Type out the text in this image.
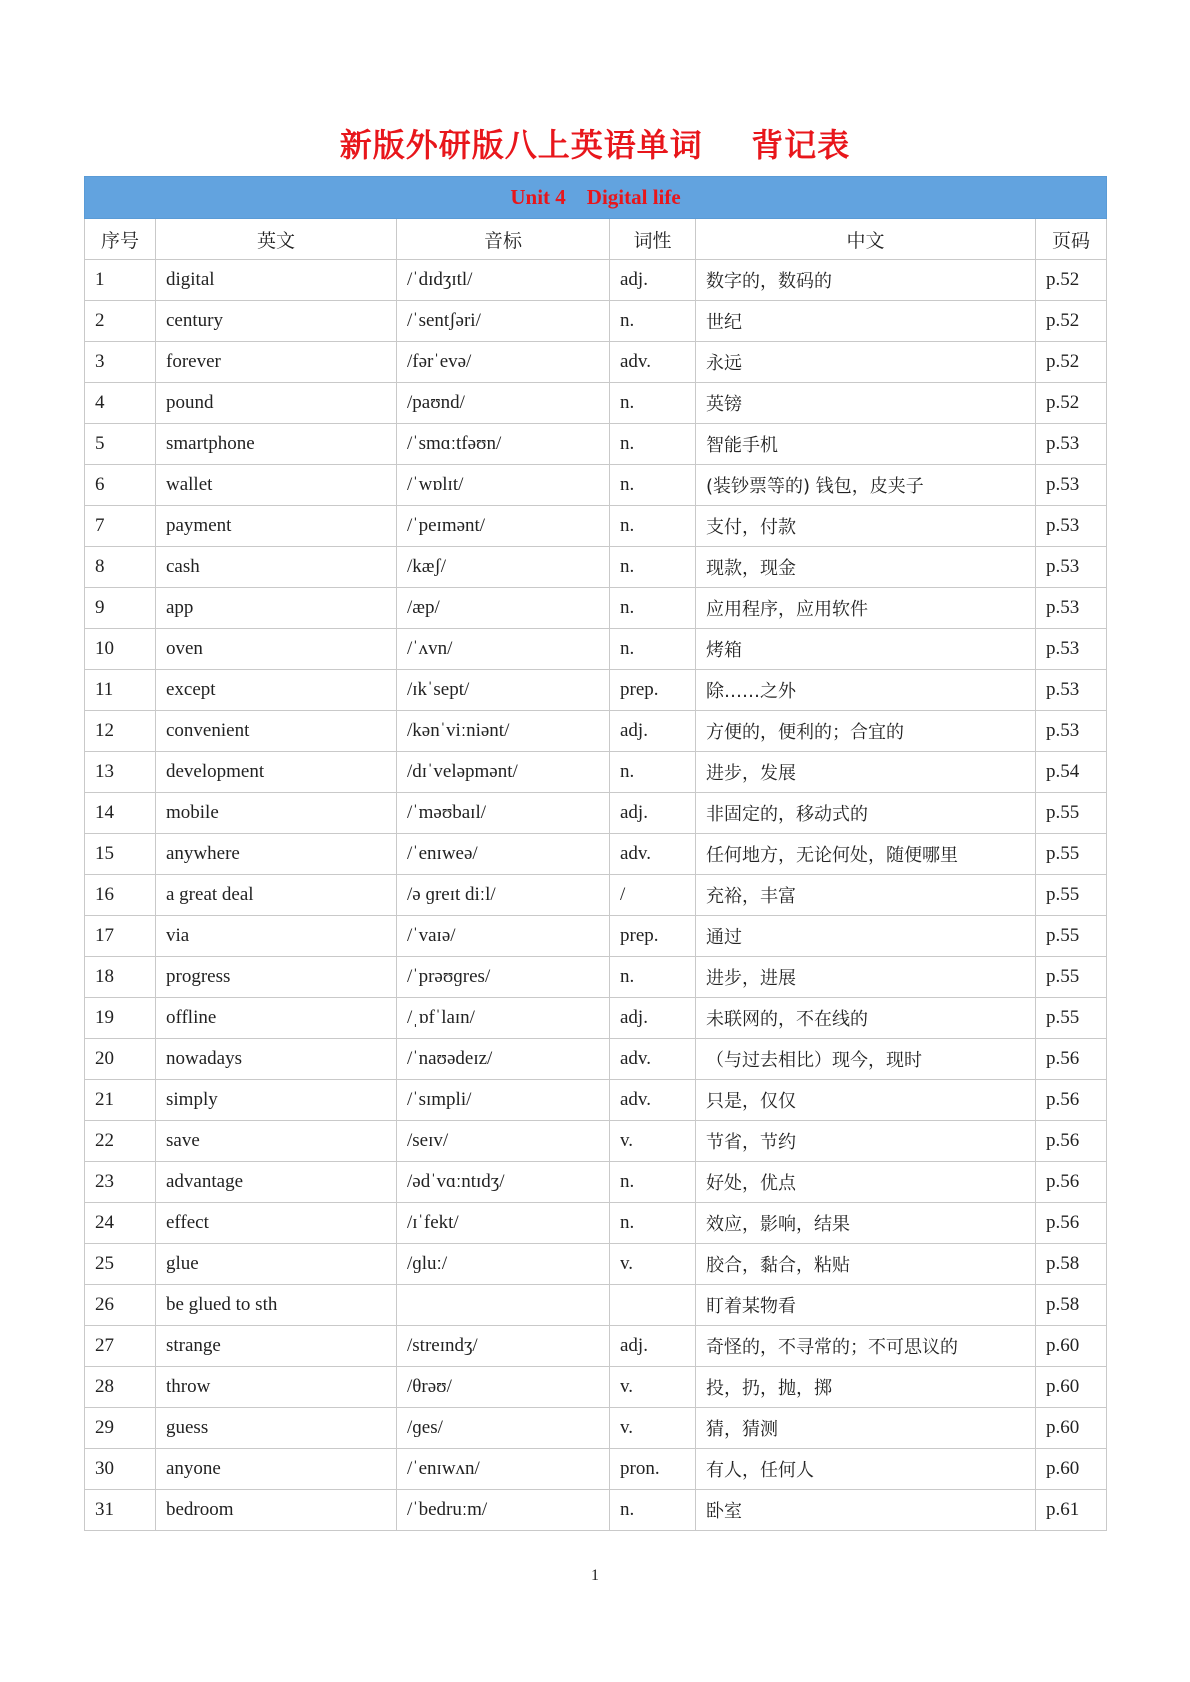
新版外研版八上英语单词    背记表
Unit 4    Digital life					
序号	英文	音标	词性	中文	页码
1	digital	/ˈdɪdʒɪtl/	adj.	数字的，数码的	p.52
2	century	/ˈsentʃəri/	n.	世纪	p.52
3	forever	/fərˈevə/	adv.	永远	p.52
4	pound	/paʊnd/	n.	英镑	p.52
5	smartphone	/ˈsmɑːtfəʊn/	n.	智能手机	p.53
6	wallet	/ˈwɒlɪt/	n.	(装钞票等的) 钱包，皮夹子	p.53
7	payment	/ˈpeɪmənt/	n.	支付，付款	p.53
8	cash	/kæʃ/	n.	现款，现金	p.53
9	app	/æp/	n.	应用程序，应用软件	p.53
10	oven	/ˈʌvn/	n.	烤箱	p.53
11	except	/ɪkˈsept/	prep.	除……之外	p.53
12	convenient	/kənˈviːniənt/	adj.	方便的，便利的；合宜的	p.53
13	development	/dɪˈveləpmənt/	n.	进步，发展	p.54
14	mobile	/ˈməʊbaɪl/	adj.	非固定的，移动式的	p.55
15	anywhere	/ˈenɪweə/	adv.	任何地方，无论何处，随便哪里	p.55
16	a great deal	/ə ɡreɪt diːl/	/	充裕，丰富	p.55
17	via	/ˈvaɪə/	prep.	通过	p.55
18	progress	/ˈprəʊɡres/	n.	进步，进展	p.55
19	offline	/ˌɒfˈlaɪn/	adj.	未联网的，不在线的	p.55
20	nowadays	/ˈnaʊədeɪz/	adv.	（与过去相比）现今，现时	p.56
21	simply	/ˈsɪmpli/	adv.	只是，仅仅	p.56
22	save	/seɪv/	v.	节省，节约	p.56
23	advantage	/ədˈvɑːntɪdʒ/	n.	好处，优点	p.56
24	effect	/ɪˈfekt/	n.	效应，影响，结果	p.56
25	glue	/ɡluː/	v.	胶合，黏合，粘贴	p.58
26	be glued to sth			盯着某物看	p.58
27	strange	/streɪndʒ/	adj.	奇怪的，不寻常的；不可思议的	p.60
28	throw	/θrəʊ/	v.	投，扔，抛，掷	p.60
29	guess	/ɡes/	v.	猜，猜测	p.60
30	anyone	/ˈenɪwʌn/	pron.	有人，任何人	p.60
31	bedroom	/ˈbedruːm/	n.	卧室	p.61
1
